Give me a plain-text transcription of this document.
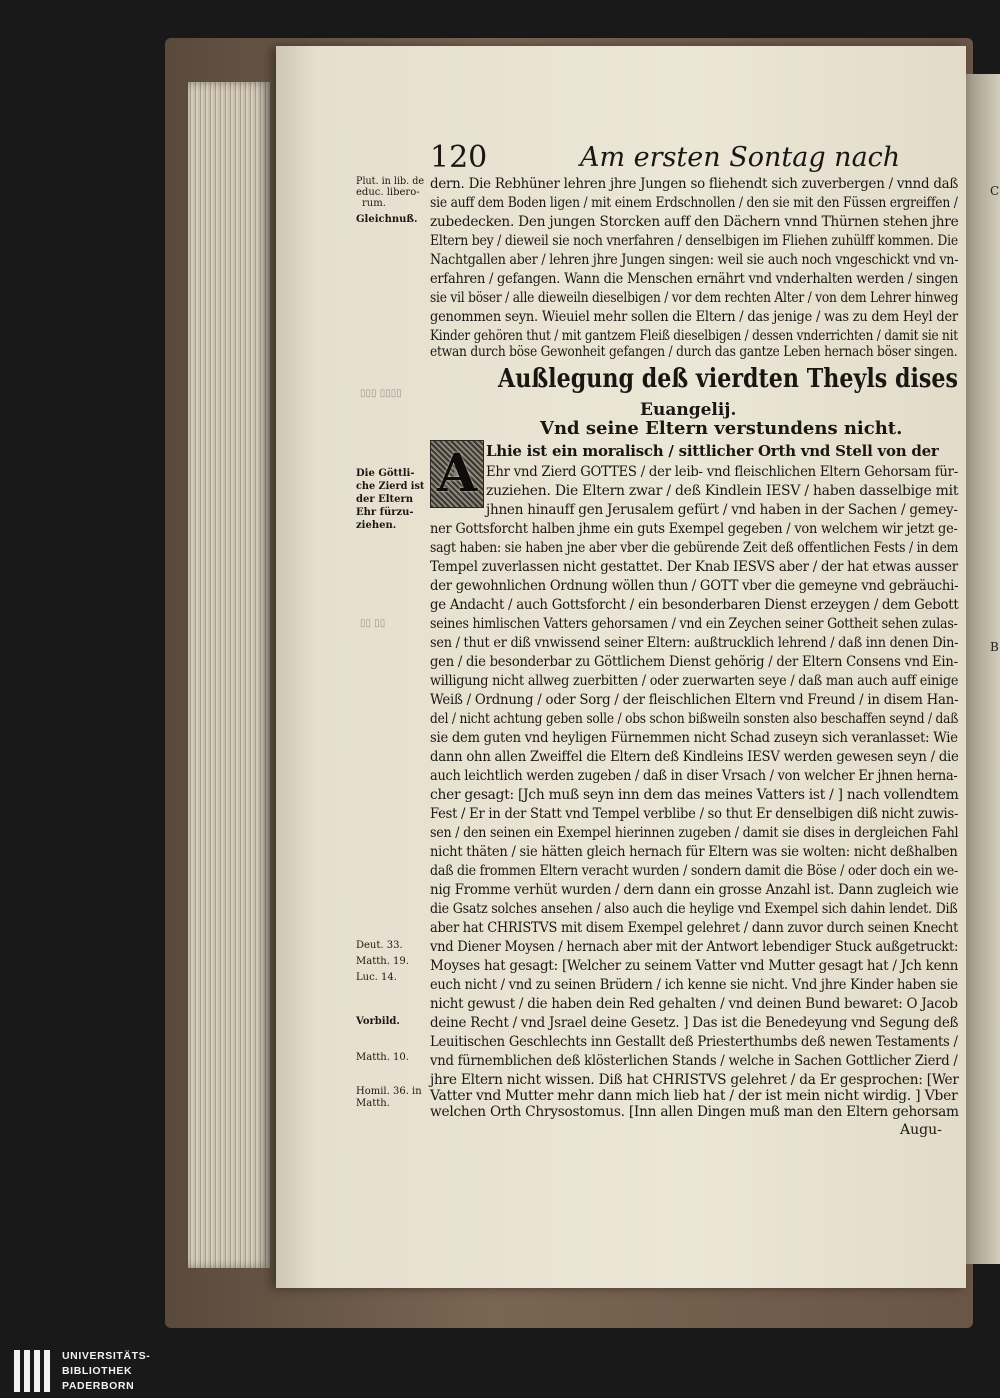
C
B
▯▯▯ ▯▯▯▯
▯▯ ▯▯
120	Am ersten Sontag nach
Plut. in lib. de
educ. libero-
rum.
Gleichnuß.
Die Göttli-
che Zierd ist
der Eltern
Ehr fürzu-
ziehen.
Deut. 33.
Matth. 19.
Luc. 14.
Vorbild.
Matth. 10.
Homil. 36. in
Matth.
dern. Die Rebhüner lehren jhre Jungen so fliehendt sich zuverbergen / vnnd daß
sie auff dem Boden ligen / mit einem Erdschnollen / den sie mit den Füssen ergreiffen /
zubedecken. Den jungen Storcken auff den Dächern vnnd Thürnen stehen jhre
Eltern bey / dieweil sie noch vnerfahren / denselbigen im Fliehen zuhülff kommen. Die
Nachtgallen aber / lehren jhre Jungen singen: weil sie auch noch vngeschickt vnd vn-
erfahren / gefangen. Wann die Menschen ernährt vnd vnderhalten werden / singen
sie vil böser / alle dieweiln dieselbigen / vor dem rechten Alter / von dem Lehrer hinweg
genommen seyn. Wieuiel mehr sollen die Eltern / das jenige / was zu dem Heyl der
Kinder gehören thut / mit gantzem Fleiß dieselbigen / dessen vnderrichten / damit sie nit
etwan durch böse Gewonheit gefangen / durch das gantze Leben hernach böser singen.
Außlegung deß vierdten Theyls dises
Euangelij.
Vnd seine Eltern verstundens nicht.
A Lhie ist ein moralisch / sittlicher Orth vnd Stell von der
Ehr vnd Zierd GOTTES / der leib- vnd fleischlichen Eltern Gehorsam für-
zuziehen. Die Eltern zwar / deß Kindlein IESV / haben dasselbige mit
jhnen hinauff gen Jerusalem gefürt / vnd haben in der Sachen / gemey-
ner Gottsforcht halben jhme ein guts Exempel gegeben / von welchem wir jetzt ge-
sagt haben: sie haben jne aber vber die gebürende Zeit deß offentlichen Fests / in dem
Tempel zuverlassen nicht gestattet. Der Knab IESVS aber / der hat etwas ausser
der gewohnlichen Ordnung wöllen thun / GOTT vber die gemeyne vnd gebräuchi-
ge Andacht / auch Gottsforcht / ein besonderbaren Dienst erzeygen / dem Gebott
seines himlischen Vatters gehorsamen / vnd ein Zeychen seiner Gottheit sehen zulas-
sen / thut er diß vnwissend seiner Eltern: außtrucklich lehrend / daß inn denen Din-
gen / die besonderbar zu Göttlichem Dienst gehörig / der Eltern Consens vnd Ein-
willigung nicht allweg zuerbitten / oder zuerwarten seye / daß man auch auff einige
Weiß / Ordnung / oder Sorg / der fleischlichen Eltern vnd Freund / in disem Han-
del / nicht achtung geben solle / obs schon bißweiln sonsten also beschaffen seynd / daß
sie dem guten vnd heyligen Fürnemmen nicht Schad zuseyn sich veranlasset: Wie
dann ohn allen Zweiffel die Eltern deß Kindleins IESV werden gewesen seyn / die
auch leichtlich werden zugeben / daß in diser Vrsach / von welcher Er jhnen herna-
cher gesagt: [Jch muß seyn inn dem das meines Vatters ist / ] nach vollendtem
Fest / Er in der Statt vnd Tempel verblibe / so thut Er denselbigen diß nicht zuwis-
sen / den seinen ein Exempel hierinnen zugeben / damit sie dises in dergleichen Fahl
nicht thäten / sie hätten gleich hernach für Eltern was sie wolten: nicht deßhalben
daß die frommen Eltern veracht wurden / sondern damit die Böse / oder doch ein we-
nig Fromme verhüt wurden / dern dann ein grosse Anzahl ist. Dann zugleich wie
die Gsatz solches ansehen / also auch die heylige vnd Exempel sich dahin lendet. Diß
aber hat CHRISTVS mit disem Exempel gelehret / dann zuvor durch seinen Knecht
vnd Diener Moysen / hernach aber mit der Antwort lebendiger Stuck außgetruckt:
Moyses hat gesagt: [Welcher zu seinem Vatter vnd Mutter gesagt hat / Jch kenn
euch nicht / vnd zu seinen Brüdern / ich kenne sie nicht. Vnd jhre Kinder haben sie
nicht gewust / die haben dein Red gehalten / vnd deinen Bund bewaret: O Jacob
deine Recht / vnd Jsrael deine Gesetz. ] Das ist die Benedeyung vnd Segung deß
Leuitischen Geschlechts inn Gestallt deß Priesterthumbs deß newen Testaments /
vnd fürnemblichen deß klösterlichen Stands / welche in Sachen Gottlicher Zierd /
jhre Eltern nicht wissen. Diß hat CHRISTVS gelehret / da Er gesprochen: [Wer
Vatter vnd Mutter mehr dann mich lieb hat / der ist mein nicht wirdig. ] Vber
welchen Orth Chrysostomus. [Inn allen Dingen muß man den Eltern gehorsam
Augu-
UNIVERSITÄTS-
BIBLIOTHEK
PADERBORN
